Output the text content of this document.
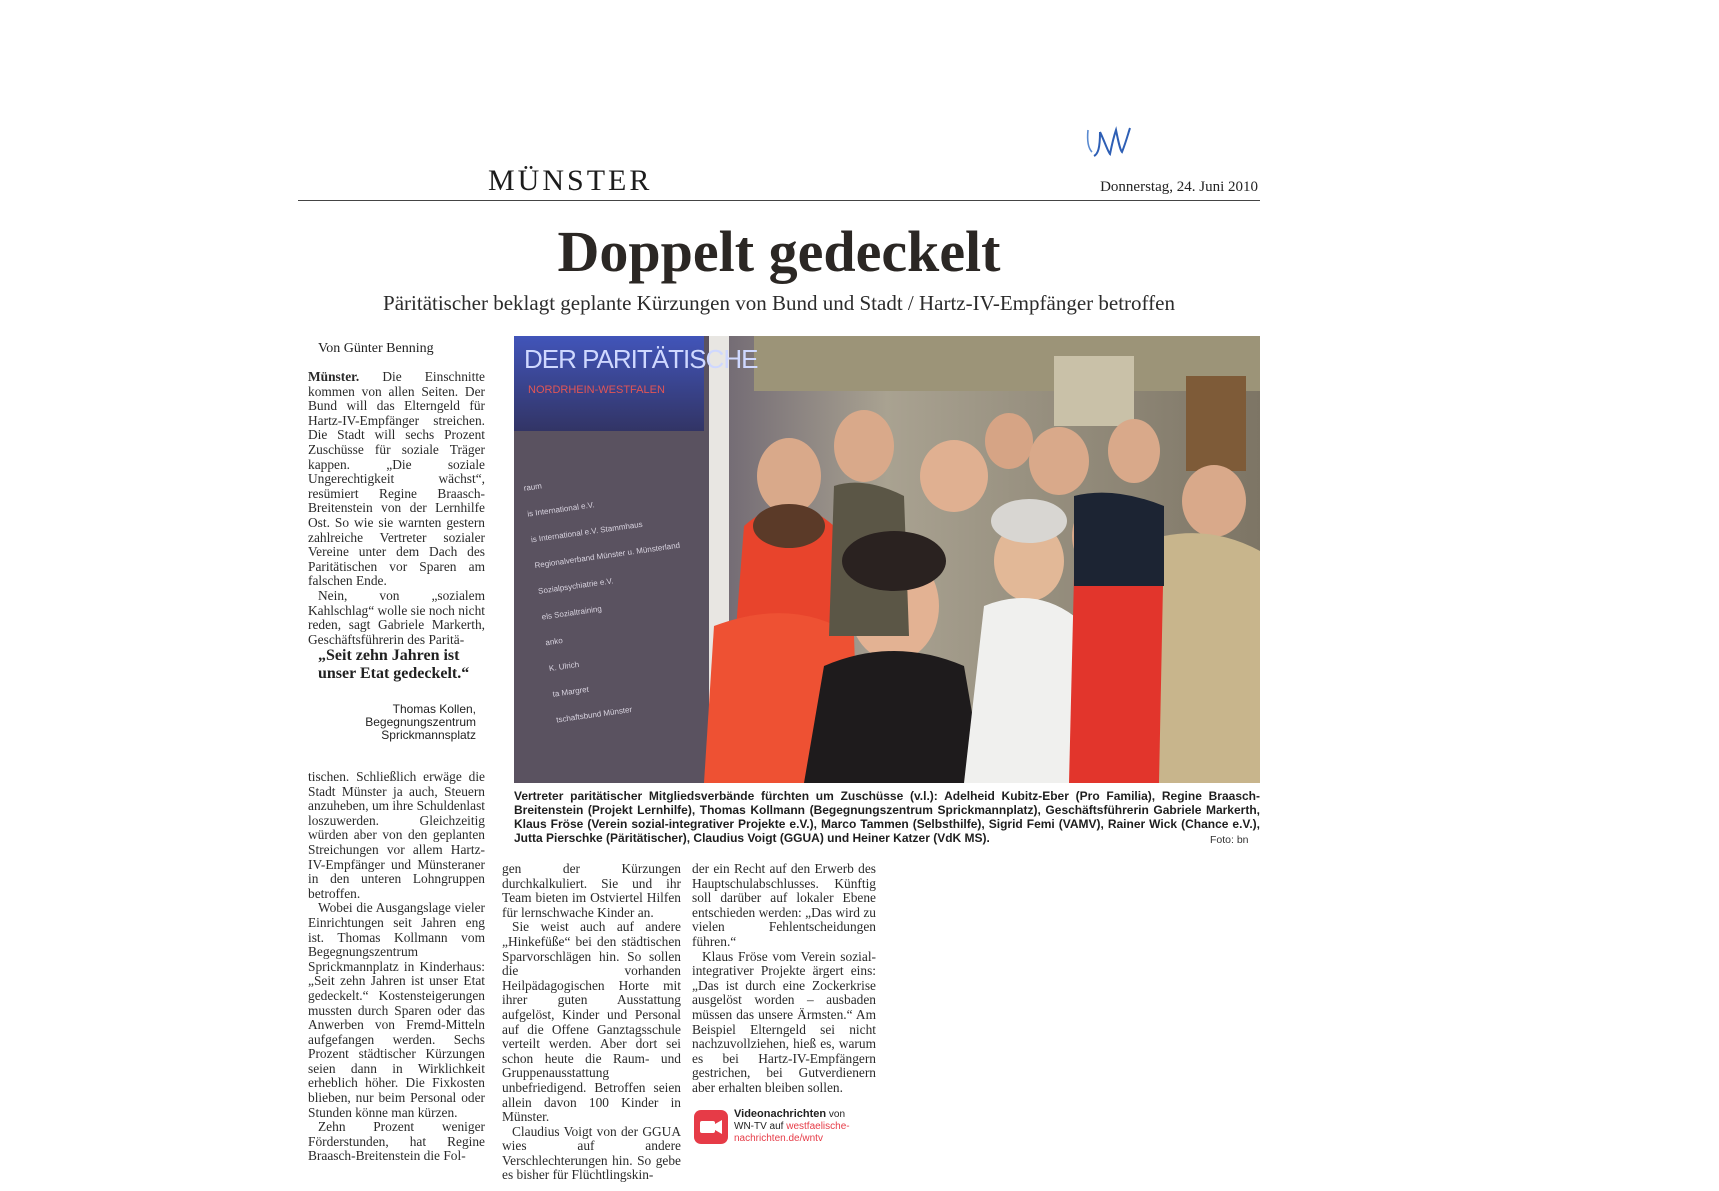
MÜNSTER	Donnerstag, 24. Juni 2010
Doppelt gedeckelt
Päritätischer beklagt geplante Kürzungen von Bund und Stadt / Hartz-IV-Empfänger betroffen
Von Günter Benning

Münster. Die Einschnitte kommen von allen Seiten. Der Bund will das Elterngeld für Hartz-IV-Empfänger streichen. Die Stadt will sechs Prozent Zuschüsse für soziale Träger kappen. „Die soziale Ungerechtigkeit wächst“, resümiert Regine Braasch-Breitenstein von der Lernhilfe Ost. So wie sie warnten gestern zahlreiche Vertreter sozialer Vereine unter dem Dach des Paritätischen vor Sparen am falschen Ende.

Nein, von „sozialem Kahlschlag“ wolle sie noch nicht reden, sagt Gabriele Markerth, Geschäftsführerin des Paritä-

„Seit zehn Jahren ist unser Etat gedeckelt.“
Thomas Kollen,
Begegnungszentrum
Sprickmannsplatz

tischen. Schließlich erwäge die Stadt Münster ja auch, Steuern anzuheben, um ihre Schuldenlast loszuwerden. Gleichzeitig würden aber von den geplanten Streichungen vor allem Hartz-IV-Empfänger und Münsteraner in den unteren Lohngruppen betroffen.

Wobei die Ausgangslage vieler Einrichtungen seit Jahren eng ist. Thomas Kollmann vom Begegnungszentrum Sprickmannplatz in Kinderhaus: „Seit zehn Jahren ist unser Etat gedeckelt.“ Kostensteigerungen mussten durch Sparen oder das Anwerben von Fremd-Mitteln aufgefangen werden. Sechs Prozent städtischer Kürzungen seien dann in Wirklichkeit erheblich höher. Die Fixkosten blieben, nur beim Personal oder Stunden könne man kürzen.

Zehn Prozent weniger Förderstunden, hat Regine Braasch-Breitenstein die Fol-

gen der Kürzungen durchkalkuliert. Sie und ihr Team bieten im Ostviertel Hilfen für lernschwache Kinder an.

Sie weist auch auf andere „Hinkefüße“ bei den städtischen Sparvorschlägen hin. So sollen die vorhanden Heilpädagogischen Horte mit ihrer guten Ausstattung aufgelöst, Kinder und Personal auf die Offene Ganztagsschule verteilt werden. Aber dort sei schon heute die Raum- und Gruppenausstattung unbefriedigend. Betroffen seien allein davon 100 Kinder in Münster.

Claudius Voigt von der GGUA wies auf andere Verschlechterungen hin. So gebe es bisher für Flüchtlingskin-

der ein Recht auf den Erwerb des Hauptschulabschlusses. Künftig soll darüber auf lokaler Ebene entschieden werden: „Das wird zu vielen Fehlentscheidungen führen.“

Klaus Fröse vom Verein sozial-integrativer Projekte ärgert eins: „Das ist durch eine Zockerkrise ausgelöst worden – ausbaden müssen das unsere Ärmsten.“ Am Beispiel Elterngeld sei nicht nachzuvollziehen, hieß es, warum es bei Hartz-IV-Empfängern gestrichen, bei Gutverdienern aber erhalten bleiben sollen.

DER PARITÄTISCHE
NORDRHEIN-WESTFALEN
raum
is International e.V.
is International e.V. Stammhaus
Regionalverband Münster u. Münsterland
Sozialpsychiatrie e.V.
els Sozialtraining
anko
K. Ulrich
ta Margret
tschaftsbund Münster
Vertreter paritätischer Mitgliedsverbände fürchten um Zuschüsse (v.l.): Adelheid Kubitz-Eber (Pro Familia), Regine Braasch-Breitenstein (Projekt Lernhilfe), Thomas Kollmann (Begegnungszentrum Sprickmannplatz), Geschäftsführerin Gabriele Markerth, Klaus Fröse (Verein sozial-integrativer Projekte e.V.), Marco Tammen (Selbsthilfe), Sigrid Femi (VAMV), Rainer Wick (Chance e.V.), Jutta Pierschke (Päritätischer), Claudius Voigt (GGUA) und Heiner Katzer (VdK MS).	Foto: bn
Videonachrichten von
WN-TV auf westfaelische-
nachrichten.de/wntv
